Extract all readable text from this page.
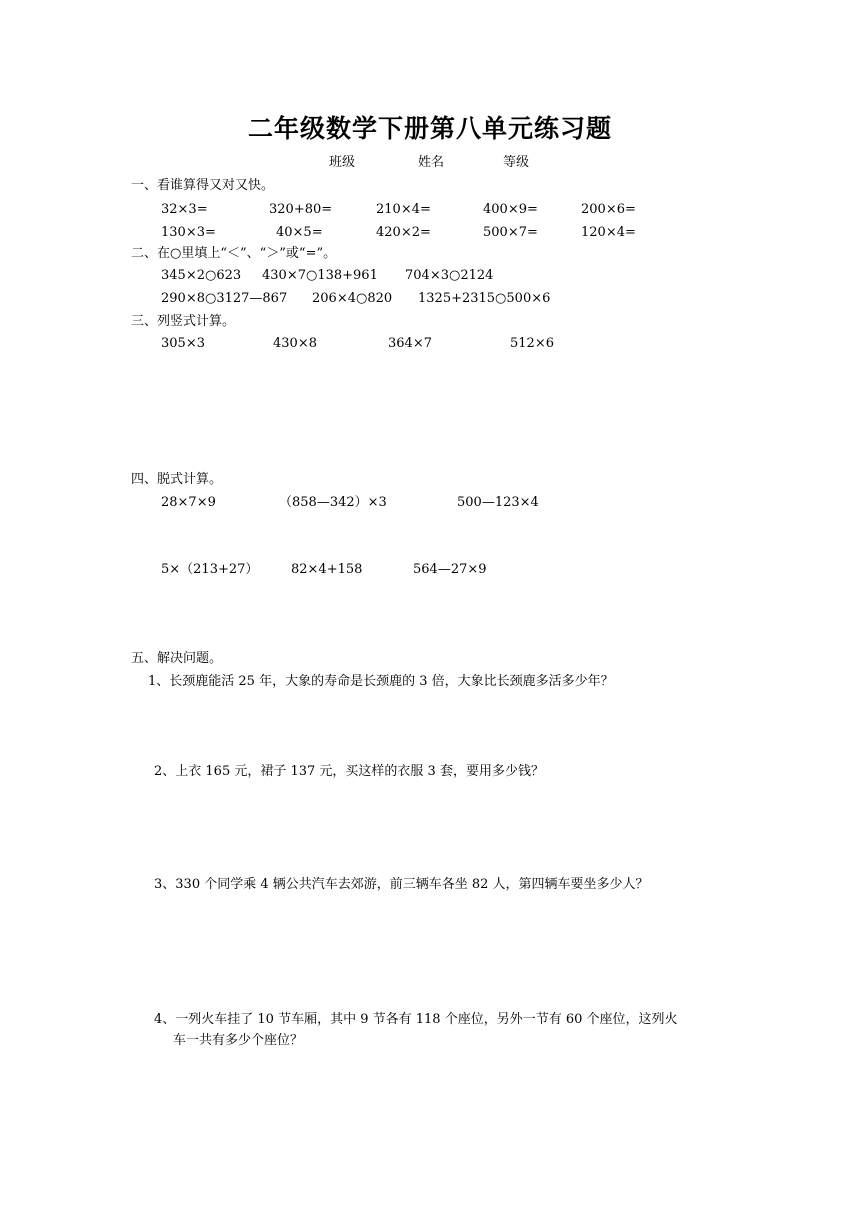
二年级数学下册第八单元练习题
班级	姓名	等级
一、看谁算得又对又快。
32×3=	320+80=	210×4=	400×9=	200×6=
130×3=	40×5=	420×2=	500×7=	120×4=
二、在○里填上“＜”、“＞”或“=”。
345×2○623 430×7○138+961 704×3○2124
290×8○3127—867 206×4○820 1325+2315○500×6
三、列竖式计算。
305×3	430×8	364×7	512×6
四、脱式计算。
28×7×9	（858—342）×3	500—123×4
5×（213+27）	82×4+158	564—27×9
五、解决问题。
1、长颈鹿能活 25 年，大象的寿命是长颈鹿的 3 倍，大象比长颈鹿多活多少年？
2、上衣 165 元，裙子 137 元，买这样的衣服 3 套，要用多少钱？
3、330 个同学乘 4 辆公共汽车去郊游，前三辆车各坐 82 人，第四辆车要坐多少人？
4、一列火车挂了 10 节车厢，其中 9 节各有 118 个座位，另外一节有 60 个座位，这列火
车一共有多少个座位？
